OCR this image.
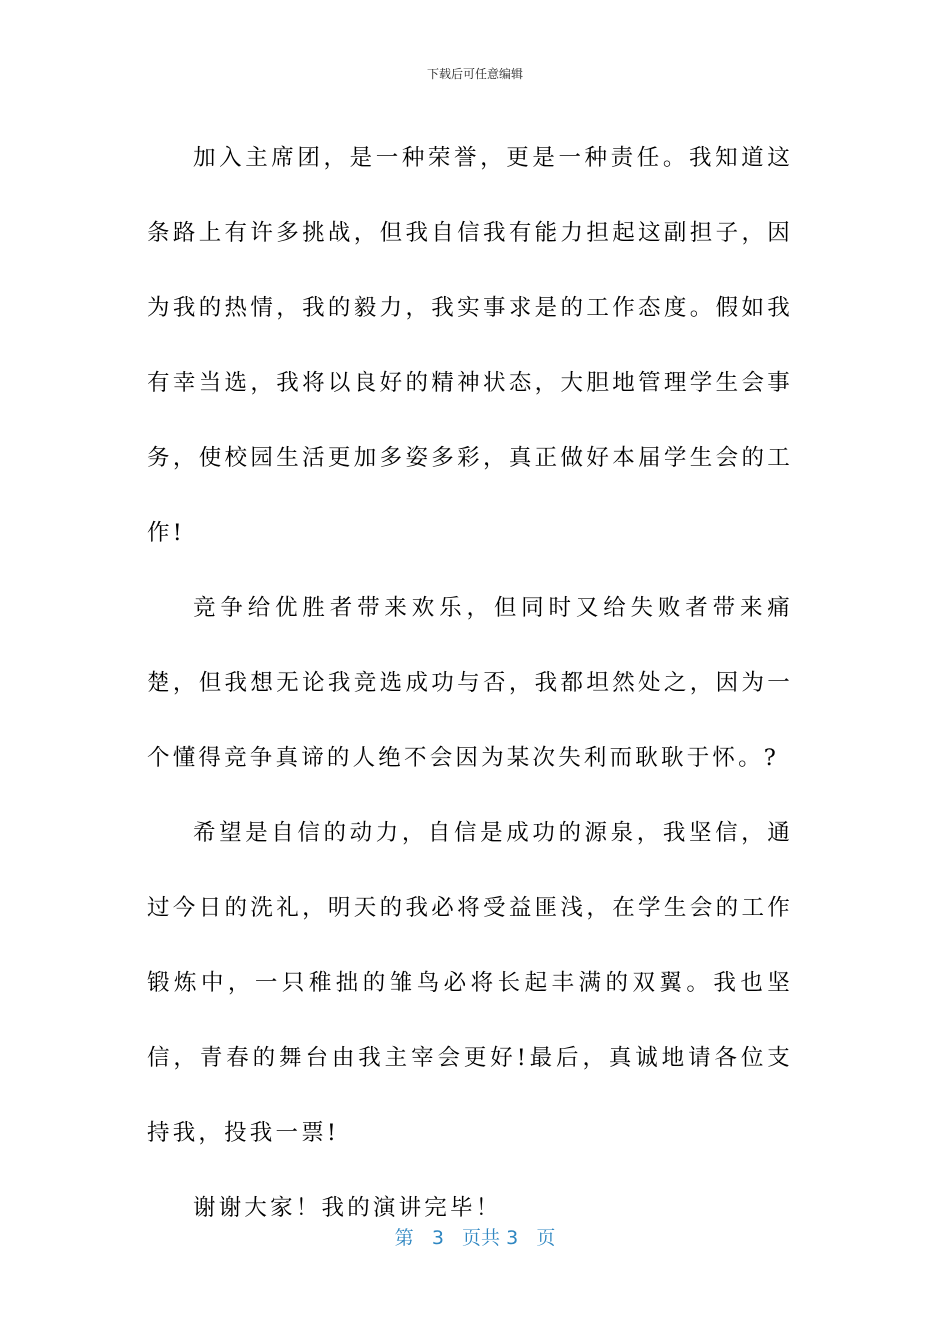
下载后可任意编辑

加入主席团，是一种荣誉，更是一种责任。我知道这条路上有许多挑战，但我自信我有能力担起这副担子，因为我的热情，我的毅力，我实事求是的工作态度。假如我有幸当选，我将以良好的精神状态，大胆地管理学生会事务，使校园生活更加多姿多彩，真正做好本届学生会的工作!

竞争给优胜者带来欢乐，但同时又给失败者带来痛楚，但我想无论我竞选成功与否，我都坦然处之，因为一个懂得竞争真谛的人绝不会因为某次失利而耿耿于怀。?

希望是自信的动力，自信是成功的源泉，我坚信，通过今日的洗礼，明天的我必将受益匪浅，在学生会的工作锻炼中，一只稚拙的雏鸟必将长起丰满的双翼。我也坚信，青春的舞台由我主宰会更好!最后，真诚地请各位支持我，投我一票!

谢谢大家！我的演讲完毕！

第 3 页共 3 页
